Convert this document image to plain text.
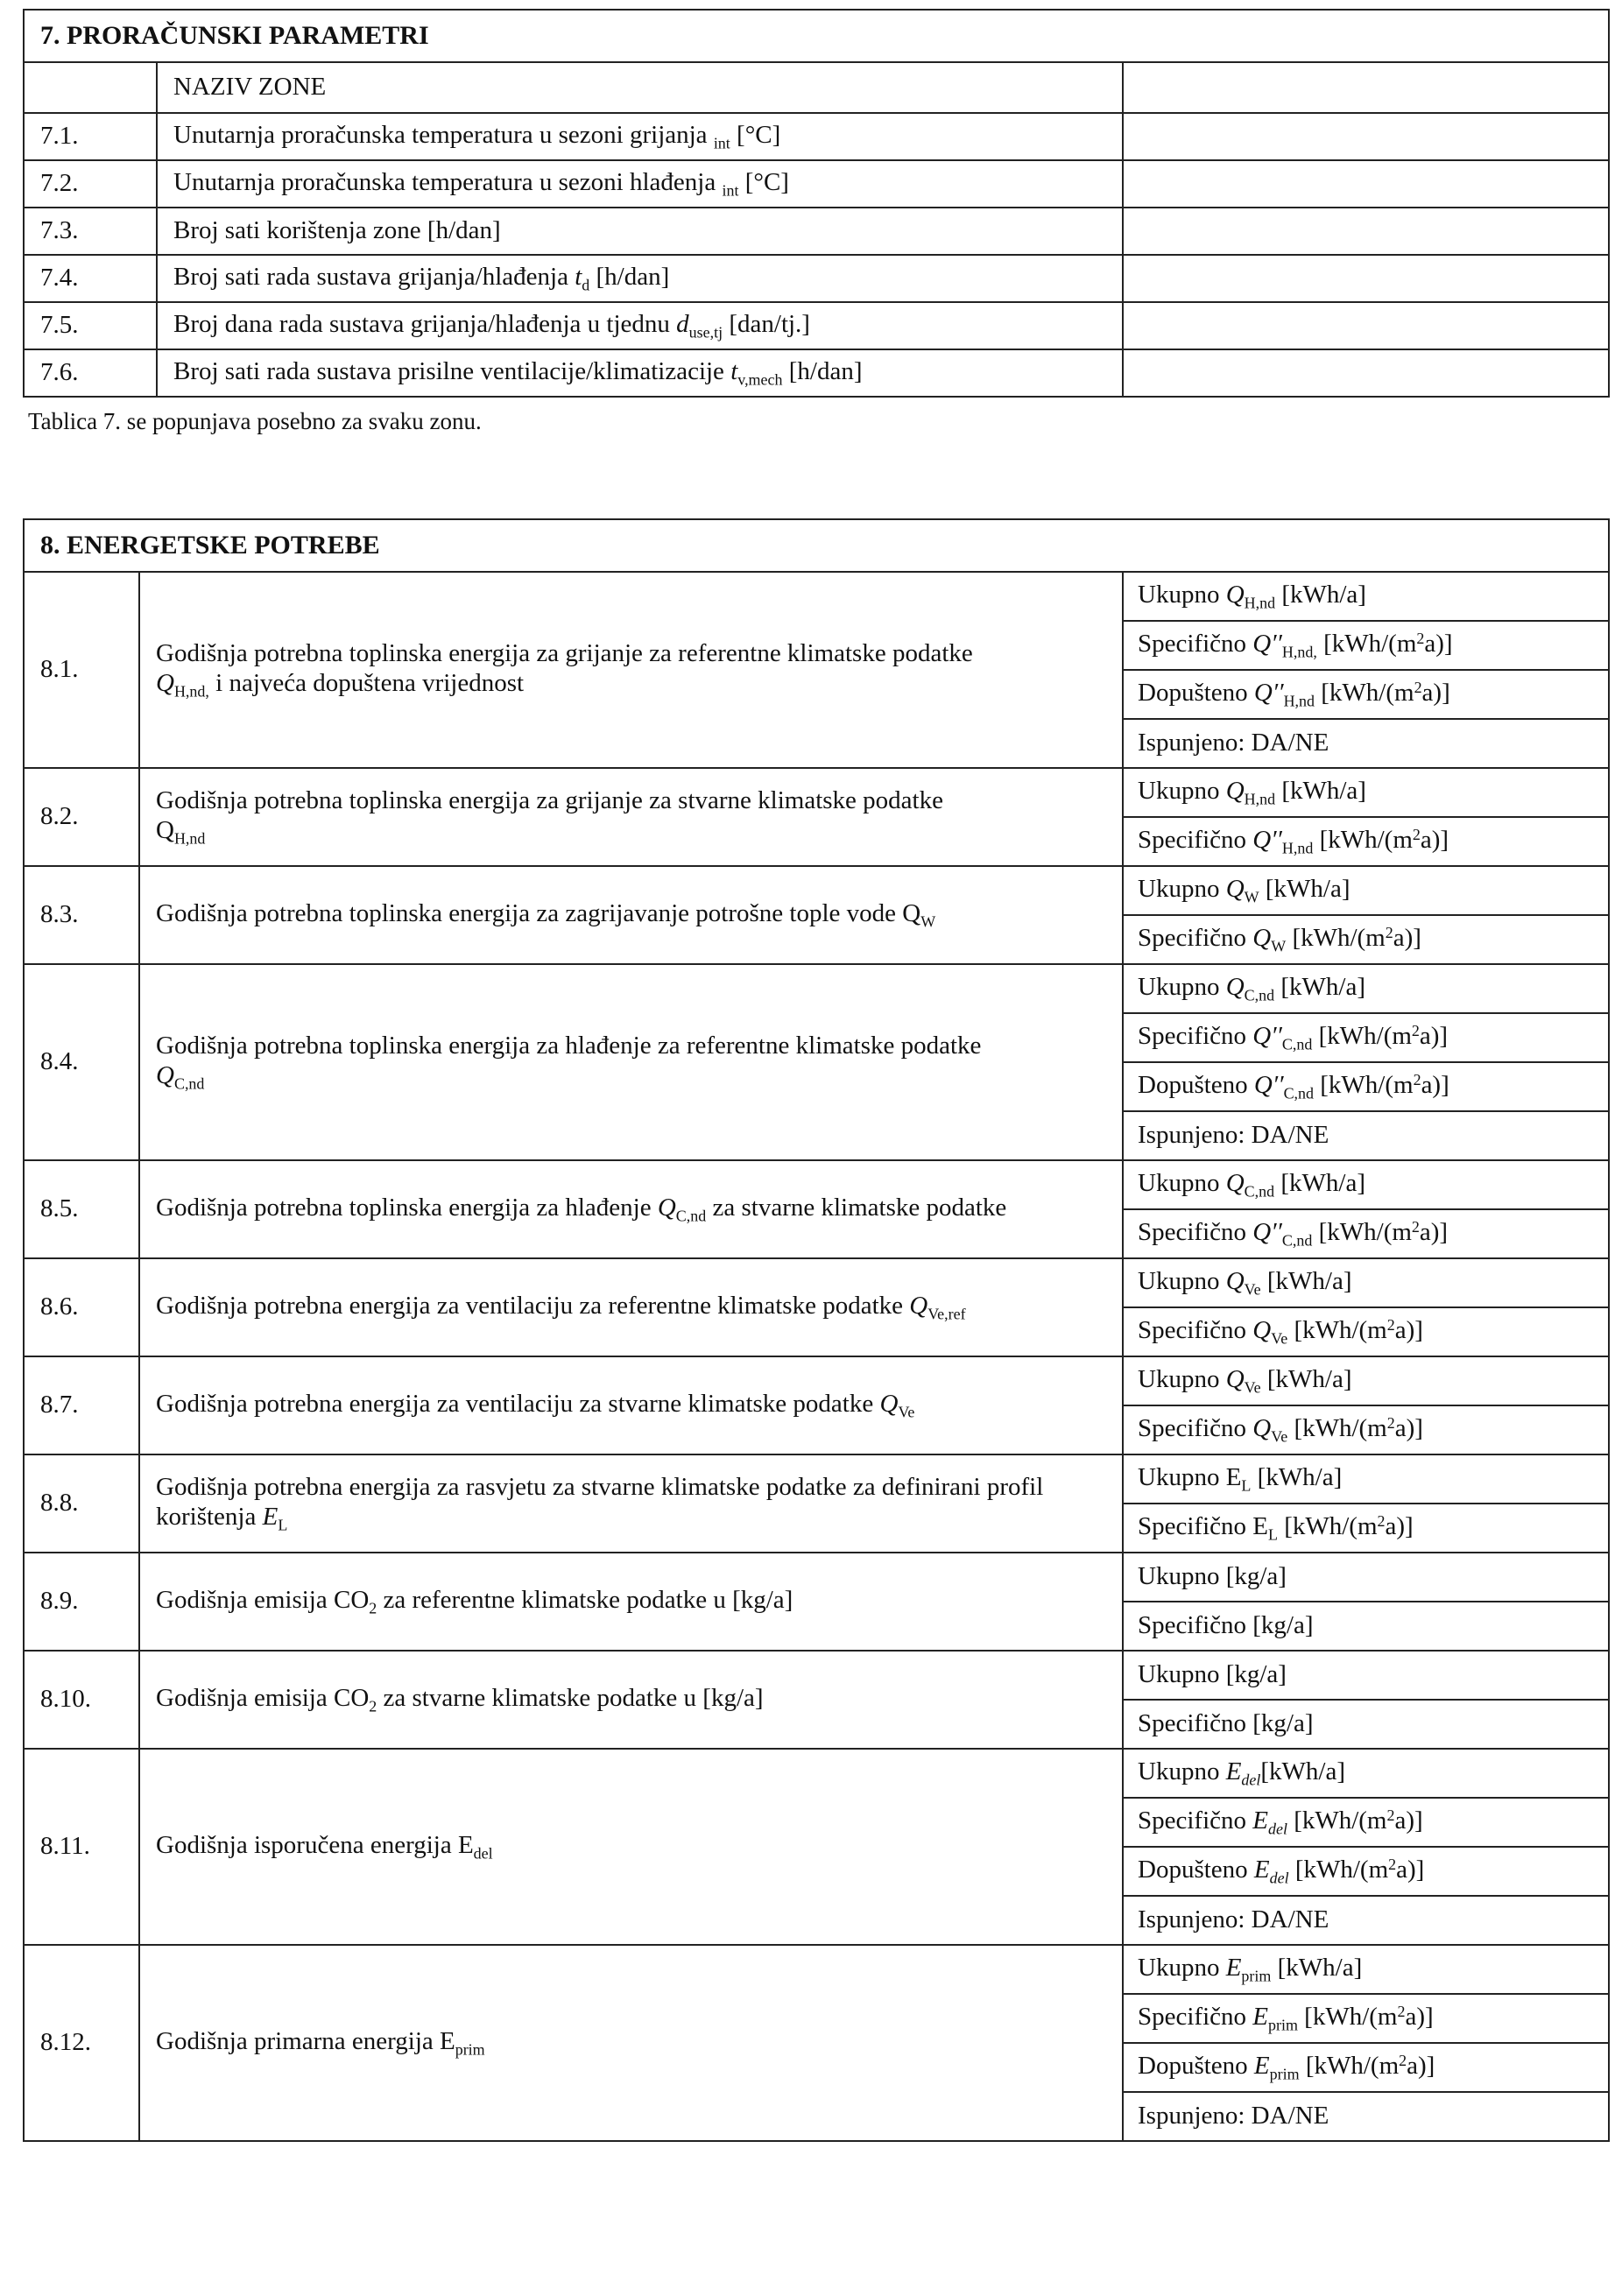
7. PRORAČUNSKI PARAMETRI		
	NAZIV ZONE	
7.1.	Unutarnja proračunska temperatura u sezoni grijanja $_{int}$ [°C]	
7.2.	Unutarnja proračunska temperatura u sezoni hlađenja $_{int}$ [°C]	
7.3.	Broj sati korištenja zone [h/dan]	
7.4.	Broj sati rada sustava grijanja/hlađenja $t_d$ [h/dan]	
7.5.	Broj dana rada sustava grijanja/hlađenja u tjednu $d_{use,tj}$ [dan/tj.]	
7.6.	Broj sati rada sustava prisilne ventilacije/klimatizacije $t_{v,mech}$ [h/dan]	
Tablica 7. se popunjava posebno za svaku zonu.
8. ENERGETSKE POTREBE		
8.1.	Godišnja potrebna toplinska energija za grijanje za referentne klimatske podatke
$Q_{H,nd,}$ i najveća dopuštena vrijednost	Ukupno $Q_{H,nd}$ [kWh/a]
		Specifično $Q''_{H,nd,}$ $[kWh/(m^2a)]$
		Dopušteno $Q''_{H,nd}$ $[kWh/(m^2a)]$
		Ispunjeno: DA/NE
8.2.	Godišnja potrebna toplinska energija za grijanje za stvarne klimatske podatke
$Q_{H,nd}$	Ukupno $Q_{H,nd}$ [kWh/a]
		Specifično $Q''_{H,nd}$ $[kWh/(m^2a)]$
8.3.	Godišnja potrebna toplinska energija za zagrijavanje potrošne tople vode $Q_W$	Ukupno $Q_W$ [kWh/a]
		Specifično $Q_W$ $[kWh/(m^2a)]$
8.4.	Godišnja potrebna toplinska energija za hlađenje za referentne klimatske podatke
$Q_{C,nd}$	Ukupno $Q_{C,nd}$ [kWh/a]
		Specifično $Q''_{C,nd}$ $[kWh/(m^2a)]$
		Dopušteno $Q''_{C,nd}$ $[kWh/(m^2a)]$
		Ispunjeno: DA/NE
8.5.	Godišnja potrebna toplinska energija za hlađenje $Q_{C,nd}$ za stvarne klimatske podatke	Ukupno $Q_{C,nd}$ [kWh/a]
		Specifično $Q''_{C,nd}$ $[kWh/(m^2a)]$
8.6.	Godišnja potrebna energija za ventilaciju za referentne klimatske podatke $Q_{Ve,ref}$	Ukupno $Q_{Ve}$ [kWh/a]
		Specifično $Q_{Ve}$ $[kWh/(m^2a)]$
8.7.	Godišnja potrebna energija za ventilaciju za stvarne klimatske podatke $Q_{Ve}$	Ukupno $Q_{Ve}$ [kWh/a]
		Specifično $Q_{Ve}$ $[kWh/(m^2a)]$
8.8.	Godišnja potrebna energija za rasvjetu za stvarne klimatske podatke za definirani profil korištenja $E_L$	Ukupno $E_L$ [kWh/a]
		Specifično $E_L$ $[kWh/(m^2a)]$
8.9.	Godišnja emisija $CO_2$ za referentne klimatske podatke u [kg/a]	Ukupno [kg/a]
		Specifično [kg/a]
8.10.	Godišnja emisija $CO_2$ za stvarne klimatske podatke u [kg/a]	Ukupno [kg/a]
		Specifično [kg/a]
8.11.	Godišnja isporučena energija $E_{del}$	Ukupno $E_{del}[kWh/a]$
		Specifično $E_{del}$ $[kWh/(m^2a)]$
		Dopušteno $E_{del}$ $[kWh/(m^2a)]$
		Ispunjeno: DA/NE
8.12.	Godišnja primarna energija $E_{prim}$	Ukupno $E_{prim}$ [kWh/a]
		Specifično $E_{prim}$ $[kWh/(m^2a)]$
		Dopušteno $E_{prim}$ $[kWh/(m^2a)]$
		Ispunjeno: DA/NE
